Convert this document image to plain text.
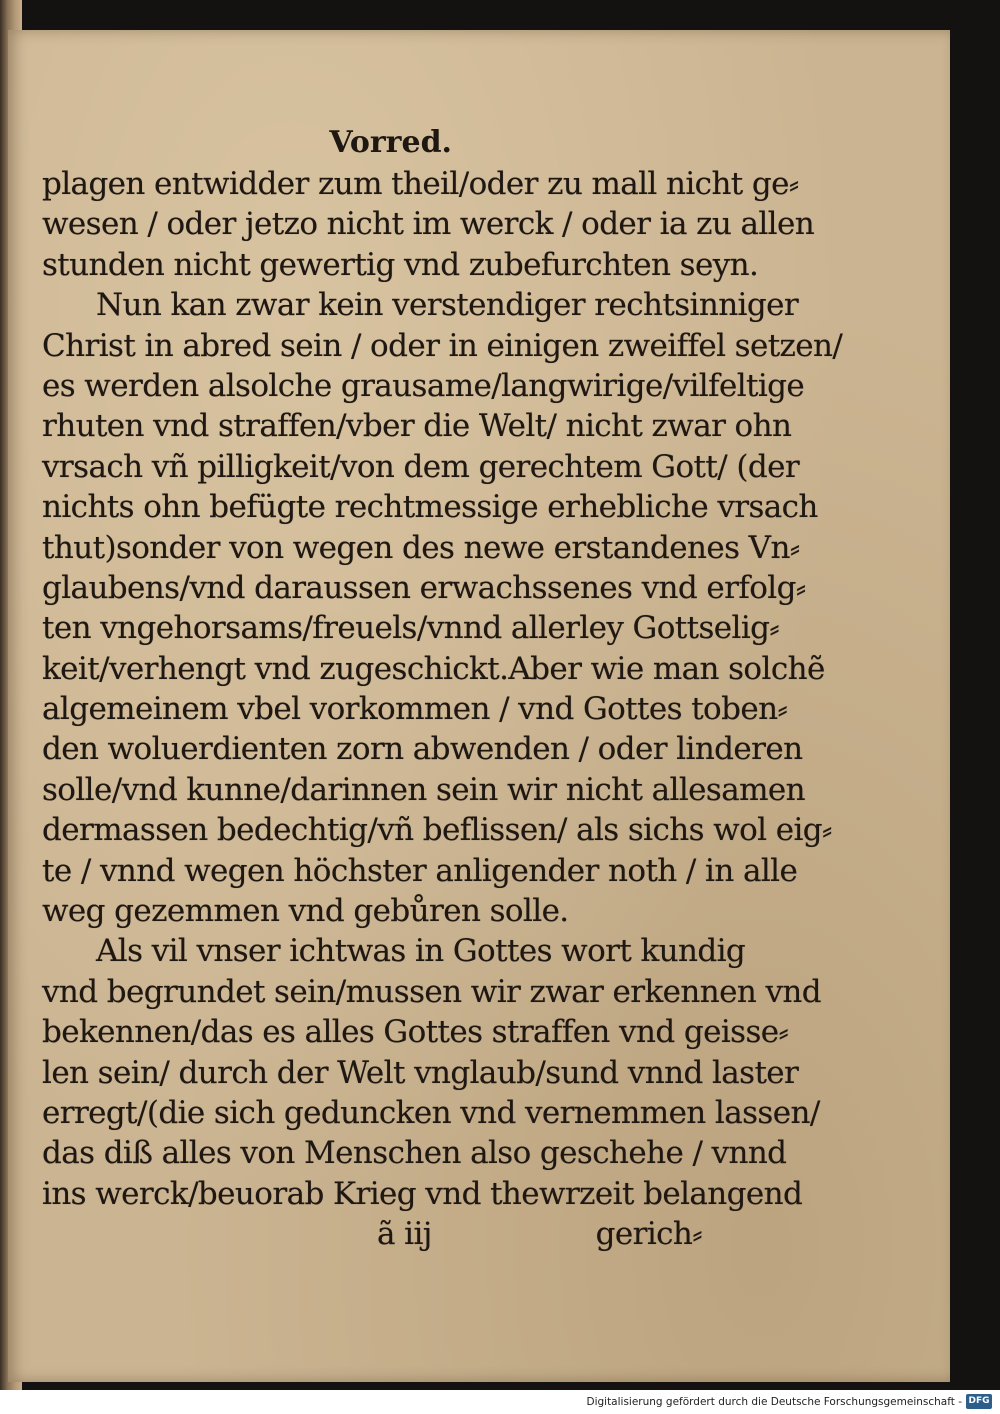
Vorred.
plagen entwidder zum theil/oder zu mall nicht ge⸗
wesen / oder jetzo nicht im werck / oder ia zu allen
stunden nicht gewertig vnd zubefurchten seyn.
Nun kan zwar kein verstendiger rechtsinniger
Christ in abred sein / oder in einigen zweiffel setzen/
es werden alsolche grausame/langwirige/vilfeltige
rhuten vnd straffen/vber die Welt/ nicht zwar ohn
vrsach vñ pilligkeit/von dem gerechtem Gott/ (der
nichts ohn befügte rechtmessige erhebliche vrsach
thut)sonder von wegen des newe erstandenes Vn⸗
glaubens/vnd daraussen erwachssenes vnd erfolg⸗
ten vngehorsams/freuels/vnnd allerley Gottselig⸗
keit/verhengt vnd zugeschickt.Aber wie man solchẽ
algemeinem vbel vorkommen / vnd Gottes toben⸗
den woluerdienten zorn abwenden / oder linderen
solle/vnd kunne/darinnen sein wir nicht allesamen
dermassen bedechtig/vñ beflissen/ als sichs wol eig⸗
te / vnnd wegen höchster anligender noth / in alle
weg gezemmen vnd gebůren solle.
Als vil vnser ichtwas in Gottes wort kundig
vnd begrundet sein/mussen wir zwar erkennen vnd
bekennen/das es alles Gottes straffen vnd geisse⸗
len sein/ durch der Welt vnglaub/sund vnnd laster
erregt/(die sich geduncken vnd vernemmen lassen/
das diß alles von Menschen also geschehe / vnnd
ins werck/beuorab Krieg vnd thewrzeit belangend
ã iij	gerich⸗
Digitalisierung gefördert durch die Deutsche Forschungsgemeinschaft - DFG
